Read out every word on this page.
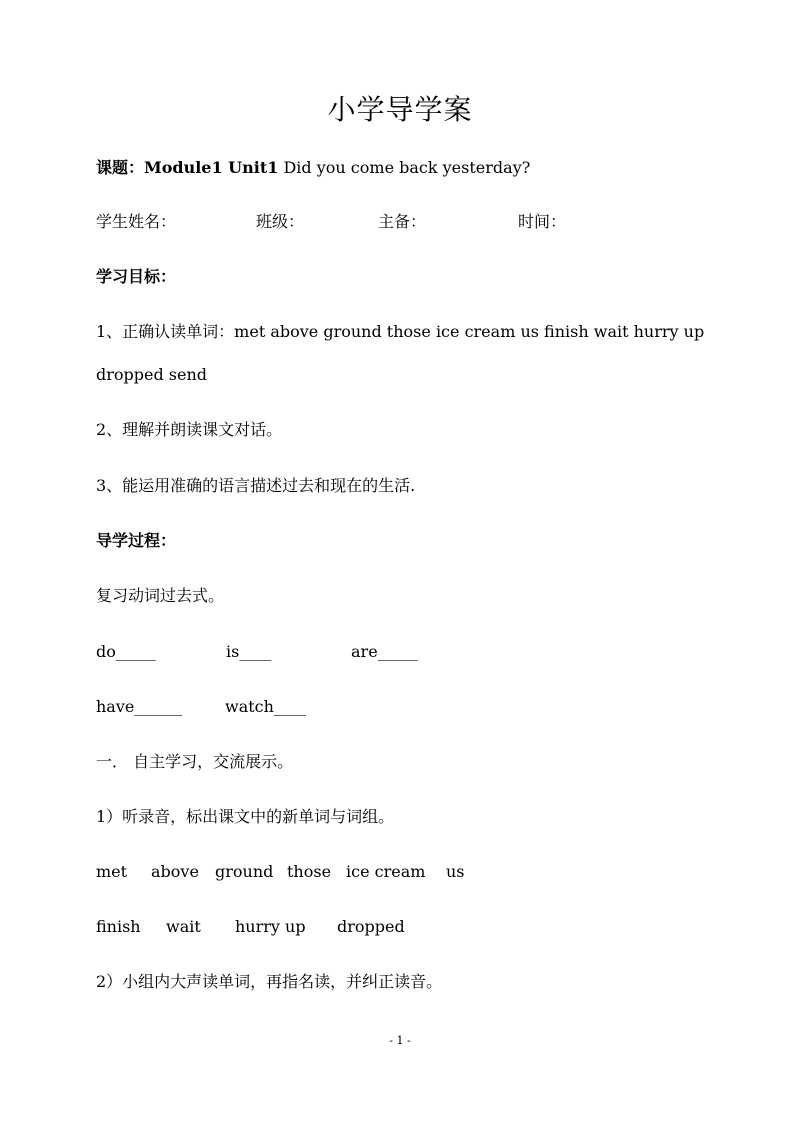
小学导学案
课题：Module1 Unit1 Did you come back yesterday?
学生姓名：	班级：	主备：	时间：
学习目标：
1、正确认读单词：met above ground those ice cream us finish wait hurry up
dropped send
2、理解并朗读课文对话。
3、能运用准确的语言描述过去和现在的生活.
导学过程：
复习动词过去式。
do_____	is____	are_____
have______	watch____
一． 自主学习，交流展示。
1）听录音，标出课文中的新单词与词组。
met above ground those ice cream us
finish wait hurry up dropped
2）小组内大声读单词，再指名读，并纠正读音。
- 1 -
